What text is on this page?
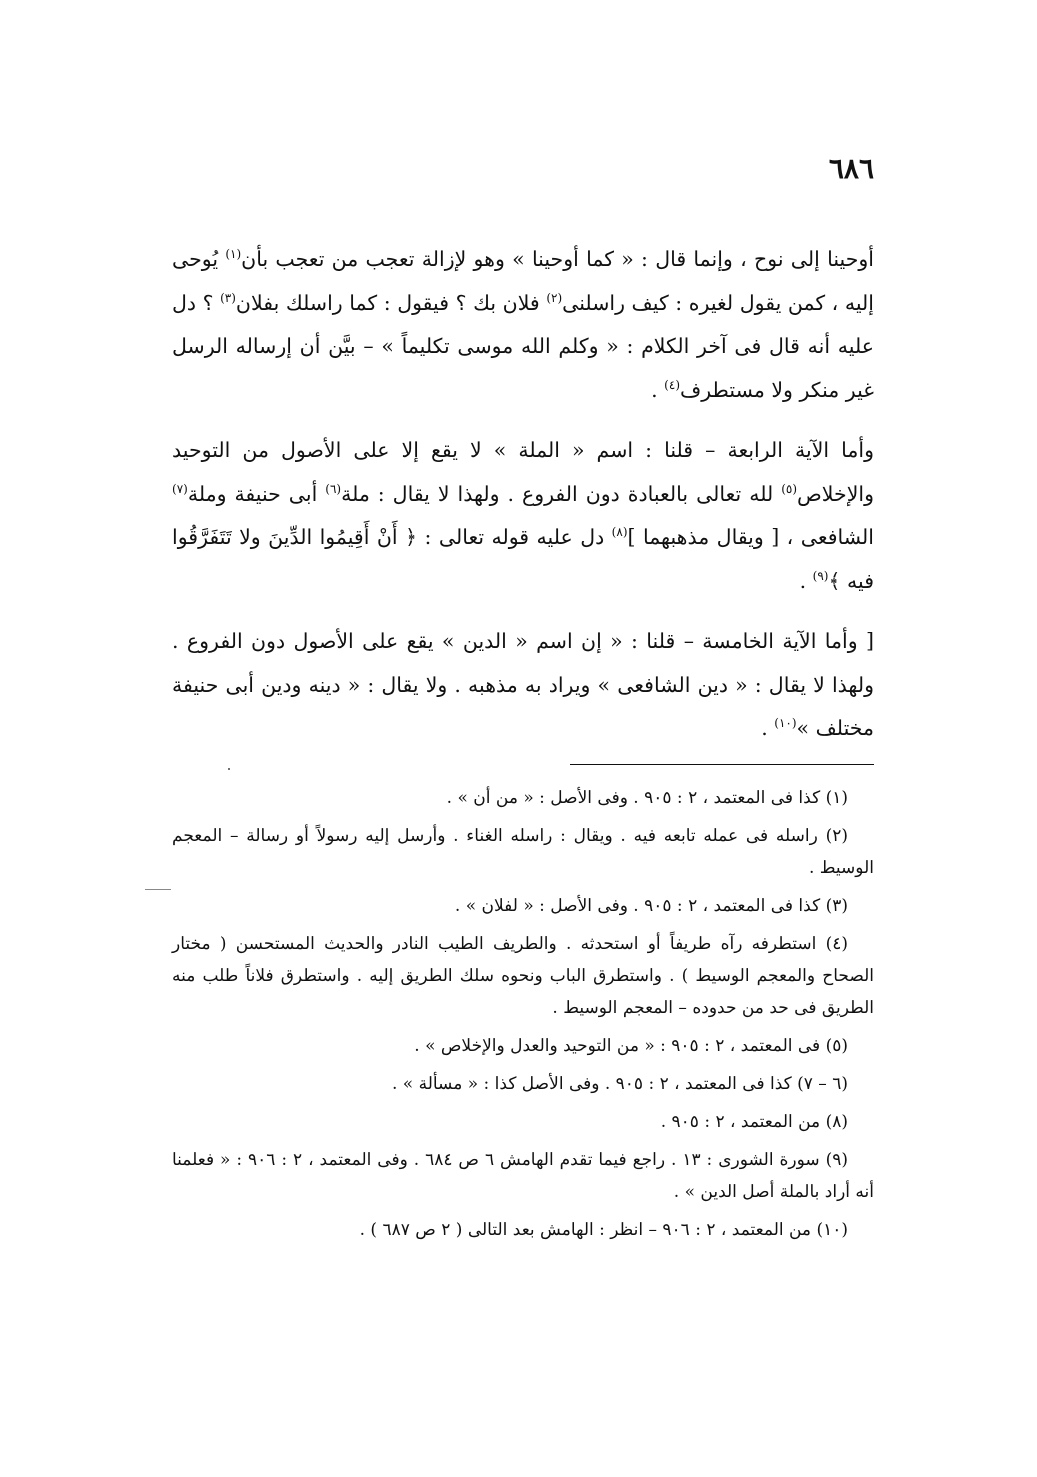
٦٨٦

أوحينا إلى نوح ، وإنما قال : « كما أوحينا » وهو لإزالة تعجب من تعجب بأن$^{(١)}$ يُوحى إليه ، كمن يقول لغيره : كيف راسلنى$^{(٢)}$ فلان بك ؟ فيقول : كما راسلك بفلان$^{(٣)}$ ؟ دل عليه أنه قال فى آخر الكلام : « وكلم الله موسى تكليماً » – بيَّن أن إرساله الرسل غير منكر ولا مستطرف$^{(٤)}$ .

وأما الآية الرابعة – قلنا : اسم « الملة » لا يقع إلا على الأصول من التوحيد والإخلاص$^{(٥)}$ لله تعالى بالعبادة دون الفروع . ولهذا لا يقال : ملة$^{(٦)}$ أبى حنيفة وملة$^{(٧)}$ الشافعى ، [ ويقال مذهبهما ]$^{(٨)}$ دل عليه قوله تعالى : ﴿ أَنْ أَقِيمُوا الدِّينَ ولا تَتَفَرَّقُوا فيه ﴾$^{(٩)}$ .

[ وأما الآية الخامسة – قلنا : « إن اسم « الدين » يقع على الأصول دون الفروع . ولهذا لا يقال : « دين الشافعى » ويراد به مذهبه . ولا يقال : « دينه ودين أبى حنيفة مختلف »$^{(١٠)}$ .

(١) كذا فى المعتمد ، ٢ : ٩٠٥ . وفى الأصل : « من أن » .

(٢) راسله فى عمله تابعه فيه . ويقال : راسله الغناء . وأرسل إليه رسولاً أو رسالة – المعجم الوسيط .

(٣) كذا فى المعتمد ، ٢ : ٩٠٥ . وفى الأصل : « لفلان » .

(٤) استطرفه رآه طريفاً أو استحدثه . والطريف الطيب النادر والحديث المستحسن ( مختار الصحاح والمعجم الوسيط ) . واستطرق الباب ونحوه سلك الطريق إليه . واستطرق فلاناً طلب منه الطريق فى حد من حدوده – المعجم الوسيط .

(٥) فى المعتمد ، ٢ : ٩٠٥ : « من التوحيد والعدل والإخلاص » .

(٦ – ٧) كذا فى المعتمد ، ٢ : ٩٠٥ . وفى الأصل كذا : « مسألة » .

(٨) من المعتمد ، ٢ : ٩٠٥ .

(٩) سورة الشورى : ١٣ . راجع فيما تقدم الهامش ٦ ص ٦٨٤ . وفى المعتمد ، ٢ : ٩٠٦ : « فعلمنا أنه أراد بالملة أصل الدين » .

(١٠) من المعتمد ، ٢ : ٩٠٦ – انظر : الهامش بعد التالى ( ٢ ص ٦٨٧ ) .
